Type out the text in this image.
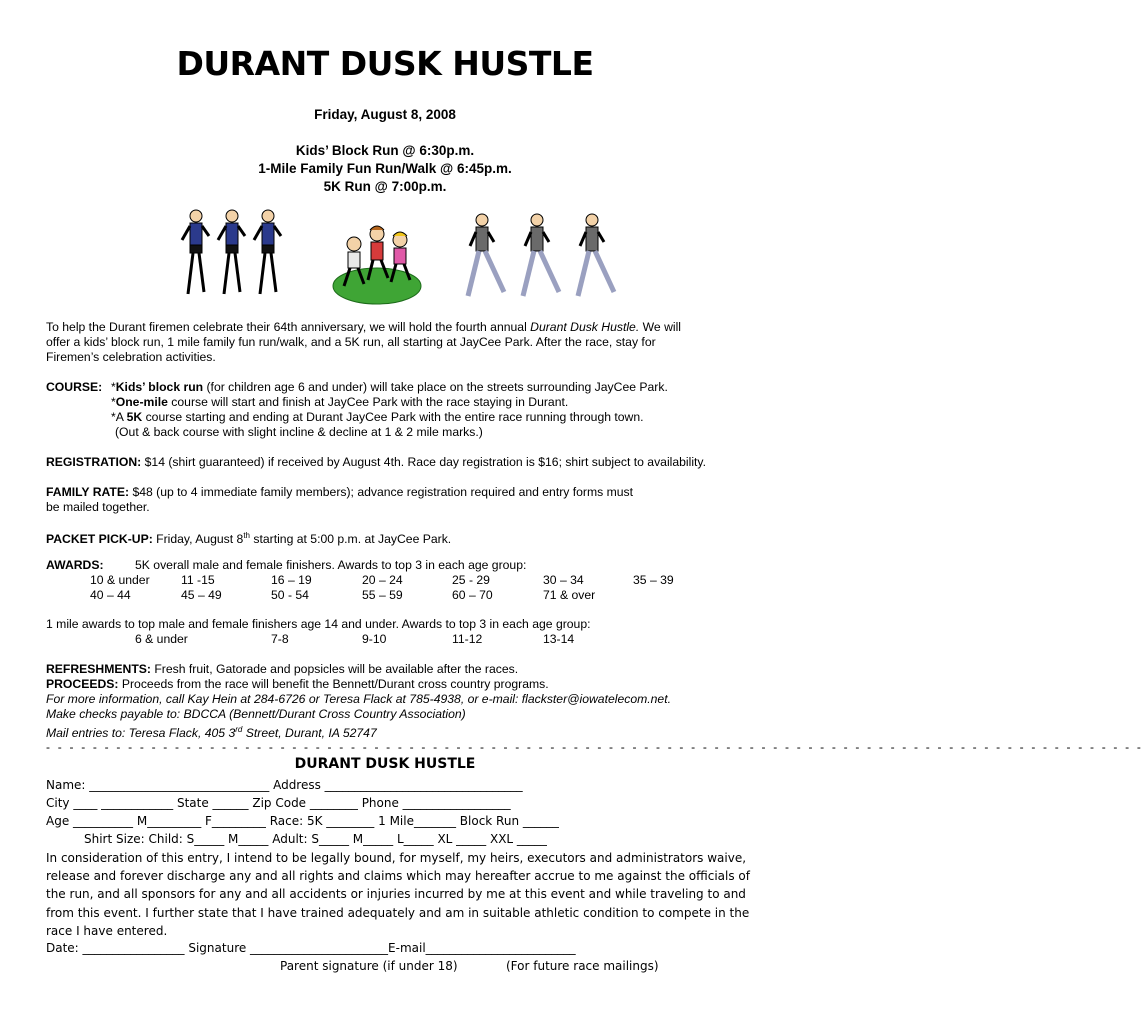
DURANT DUSK HUSTLE
Friday, August 8, 2008
Kids’ Block Run @ 6:30p.m.
1-Mile Family Fun Run/Walk @ 6:45p.m.
5K Run @ 7:00p.m.
To help the Durant firemen celebrate their 64th anniversary, we will hold the fourth annual Durant Dusk Hustle. We will
offer a kids’ block run, 1 mile family fun run/walk, and a 5K run, all starting at JayCee Park. After the race, stay for
Firemen’s celebration activities.
COURSE: *Kids’ block run (for children age 6 and under) will take place on the streets surrounding JayCee Park.
*One-mile course will start and finish at JayCee Park with the race staying in Durant.
*A 5K course starting and ending at Durant JayCee Park with the entire race running through town.
(Out & back course with slight incline & decline at 1 & 2 mile marks.)
REGISTRATION: $14 (shirt guaranteed) if received by August 4th. Race day registration is $16; shirt subject to availability.
FAMILY RATE: $48 (up to 4 immediate family members); advance registration required and entry forms must
be mailed together.
PACKET PICK-UP: Friday, August 8th starting at 5:00 p.m. at JayCee Park.
AWARDS:	5K overall male and female finishers. Awards to top 3 in each age group:
10 & under	11 -15	16 – 19	20 – 24	25 - 29	30 – 34	35 – 39
40 – 44	45 – 49	50 - 54	55 – 59	60 – 70	71 & over
1 mile awards to top male and female finishers age 14 and under. Awards to top 3 in each age group:
6 & under	7-8	9-10	11-12	13-14
REFRESHMENTS: Fresh fruit, Gatorade and popsicles will be available after the races.
PROCEEDS: Proceeds from the race will benefit the Bennett/Durant cross country programs.
For more information, call Kay Hein at 284-6726 or Teresa Flack at 785-4938, or e-mail: flackster@iowatelecom.net.
Make checks payable to: BDCCA (Bennett/Durant Cross Country Association)
Mail entries to: Teresa Flack, 405 3rd Street, Durant, IA 52747
- - - - - - - - - - - - - - - - - - - - - - - - - - - - - - - - - - - - - - - - - - - - - - - - - - - - - - - - - - - - - - - - - - - - - - - - - - - - - - - - - - - - - - - - - - - - - -
DURANT DUSK HUSTLE
Name: ______________________________ Address _________________________________
City ____ ____________ State ______ Zip Code ________ Phone __________________
Age __________ M_________ F_________ Race: 5K ________ 1 Mile_______ Block Run ______
Shirt Size: Child: S_____ M_____ Adult: S_____ M_____ L_____ XL _____ XXL _____
In consideration of this entry, I intend to be legally bound, for myself, my heirs, executors and administrators waive, release and forever discharge any and all rights and claims which may hereafter accrue to me against the officials of the run, and all sponsors for any and all accidents or injuries incurred by me at this event and while traveling to and from this event. I further state that I have trained adequately and am in suitable athletic condition to compete in the race I have entered.
Date: _________________ Signature _______________________E-mail_________________________
Parent signature (if under 18)	(For future race mailings)
